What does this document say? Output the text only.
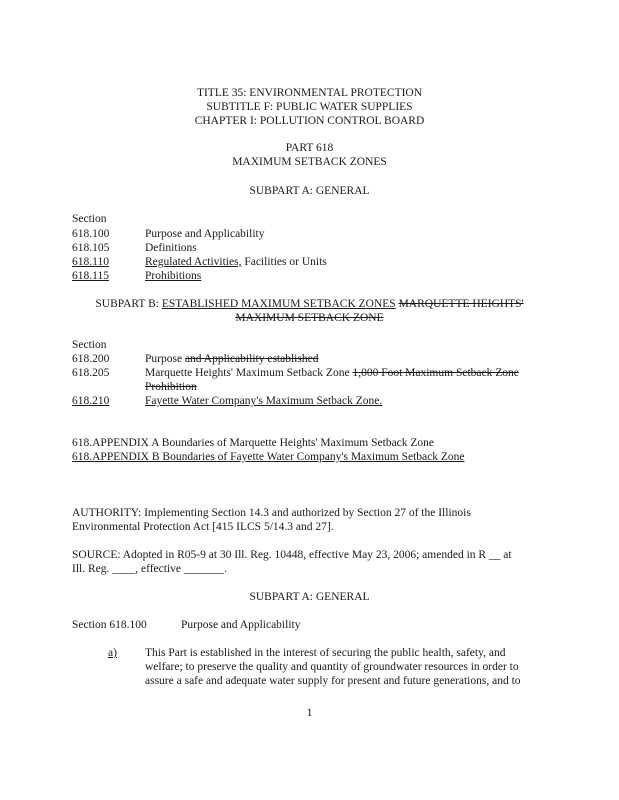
TITLE 35: ENVIRONMENTAL PROTECTION
SUBTITLE F: PUBLIC WATER SUPPLIES
CHAPTER I: POLLUTION CONTROL BOARD
PART 618
MAXIMUM SETBACK ZONES
SUBPART A: GENERAL
Section
618.100	Purpose and Applicability
618.105	Definitions
618.110	Regulated Activities, Facilities or Units
618.115	Prohibitions
SUBPART B: ESTABLISHED MAXIMUM SETBACK ZONES MARQUETTE HEIGHTS'
MAXIMUM SETBACK ZONE
Section
618.200	Purpose and Applicability established
618.205	Marquette Heights' Maximum Setback Zone 1,000 Foot Maximum Setback Zone
Prohibition
618.210	Fayette Water Company's Maximum Setback Zone.
618.APPENDIX A Boundaries of Marquette Heights' Maximum Setback Zone
618.APPENDIX B Boundaries of Fayette Water Company's Maximum Setback Zone
AUTHORITY: Implementing Section 14.3 and authorized by Section 27 of the Illinois
Environmental Protection Act [415 ILCS 5/14.3 and 27].
SOURCE: Adopted in R05-9 at 30 Ill. Reg. 10448, effective May 23, 2006; amended in R __ at
Ill. Reg. ____, effective _______.
SUBPART A: GENERAL
Section 618.100	Purpose and Applicability
a) This Part is established in the interest of securing the public health, safety, and
welfare; to preserve the quality and quantity of groundwater resources in order to
assure a safe and adequate water supply for present and future generations, and to
1
